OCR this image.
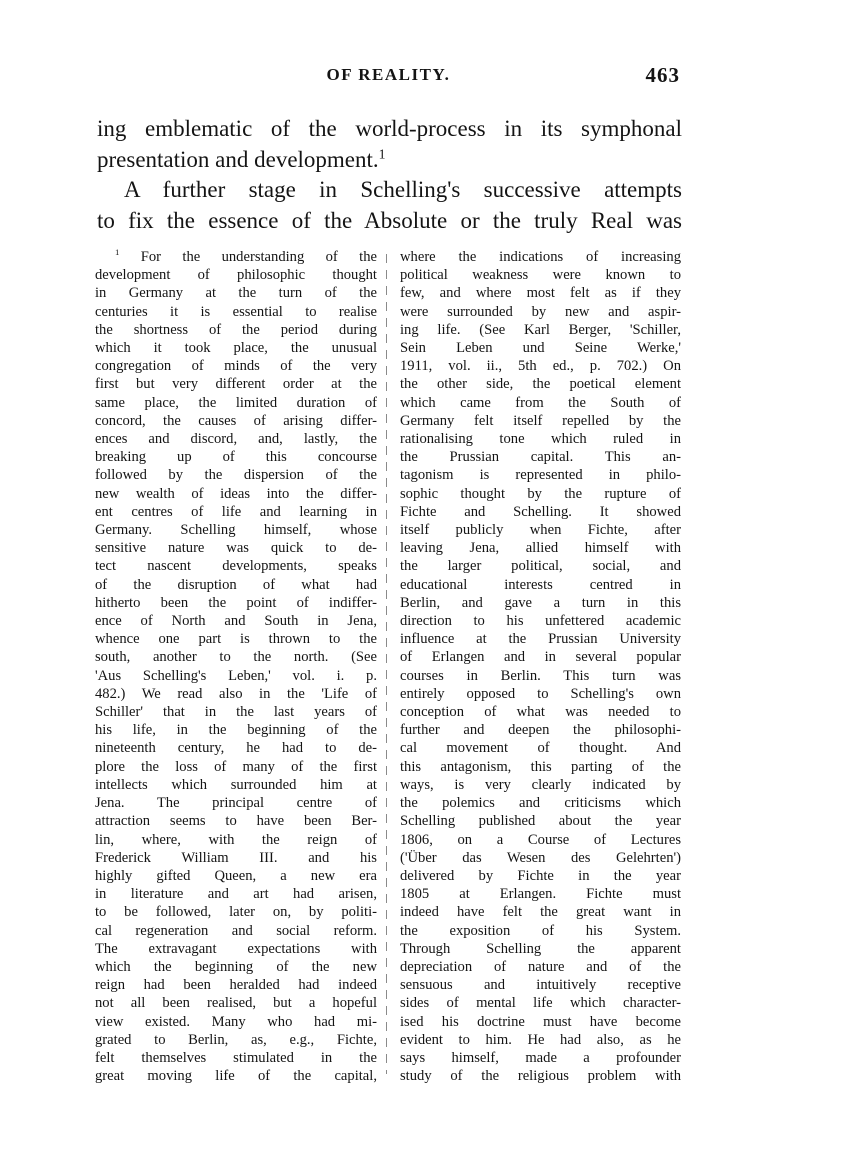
OF REALITY.	463
ing emblematic of the world-process in its symphonal
presentation and development.$^1$
A further stage in Schelling's successive attempts
to fix the essence of the Absolute or the truly Real was
$^1$ For the understanding of the
development of philosophic thought
in Germany at the turn of the
centuries it is essential to realise
the shortness of the period during
which it took place, the unusual
congregation of minds of the very
first but very different order at the
same place, the limited duration of
concord, the causes of arising differ-
ences and discord, and, lastly, the
breaking up of this concourse
followed by the dispersion of the
new wealth of ideas into the differ-
ent centres of life and learning in
Germany. Schelling himself, whose
sensitive nature was quick to de-
tect nascent developments, speaks
of the disruption of what had
hitherto been the point of indiffer-
ence of North and South in Jena,
whence one part is thrown to the
south, another to the north. (See
'Aus Schelling's Leben,' vol. i. p.
482.) We read also in the 'Life of
Schiller' that in the last years of
his life, in the beginning of the
nineteenth century, he had to de-
plore the loss of many of the first
intellects which surrounded him at
Jena. The principal centre of
attraction seems to have been Ber-
lin, where, with the reign of
Frederick William III. and his
highly gifted Queen, a new era
in literature and art had arisen,
to be followed, later on, by politi-
cal regeneration and social reform.
The extravagant expectations with
which the beginning of the new
reign had been heralded had indeed
not all been realised, but a hopeful
view existed. Many who had mi-
grated to Berlin, as, e.g., Fichte,
felt themselves stimulated in the
great moving life of the capital,
where the indications of increasing
political weakness were known to
few, and where most felt as if they
were surrounded by new and aspir-
ing life. (See Karl Berger, 'Schiller,
Sein Leben und Seine Werke,'
1911, vol. ii., 5th ed., p. 702.) On
the other side, the poetical element
which came from the South of
Germany felt itself repelled by the
rationalising tone which ruled in
the Prussian capital. This an-
tagonism is represented in philo-
sophic thought by the rupture of
Fichte and Schelling. It showed
itself publicly when Fichte, after
leaving Jena, allied himself with
the larger political, social, and
educational interests centred in
Berlin, and gave a turn in this
direction to his unfettered academic
influence at the Prussian University
of Erlangen and in several popular
courses in Berlin. This turn was
entirely opposed to Schelling's own
conception of what was needed to
further and deepen the philosophi-
cal movement of thought. And
this antagonism, this parting of the
ways, is very clearly indicated by
the polemics and criticisms which
Schelling published about the year
1806, on a Course of Lectures
('Über das Wesen des Gelehrten')
delivered by Fichte in the year
1805 at Erlangen. Fichte must
indeed have felt the great want in
the exposition of his System.
Through Schelling the apparent
depreciation of nature and of the
sensuous and intuitively receptive
sides of mental life which character-
ised his doctrine must have become
evident to him. He had also, as he
says himself, made a profounder
study of the religious problem with
